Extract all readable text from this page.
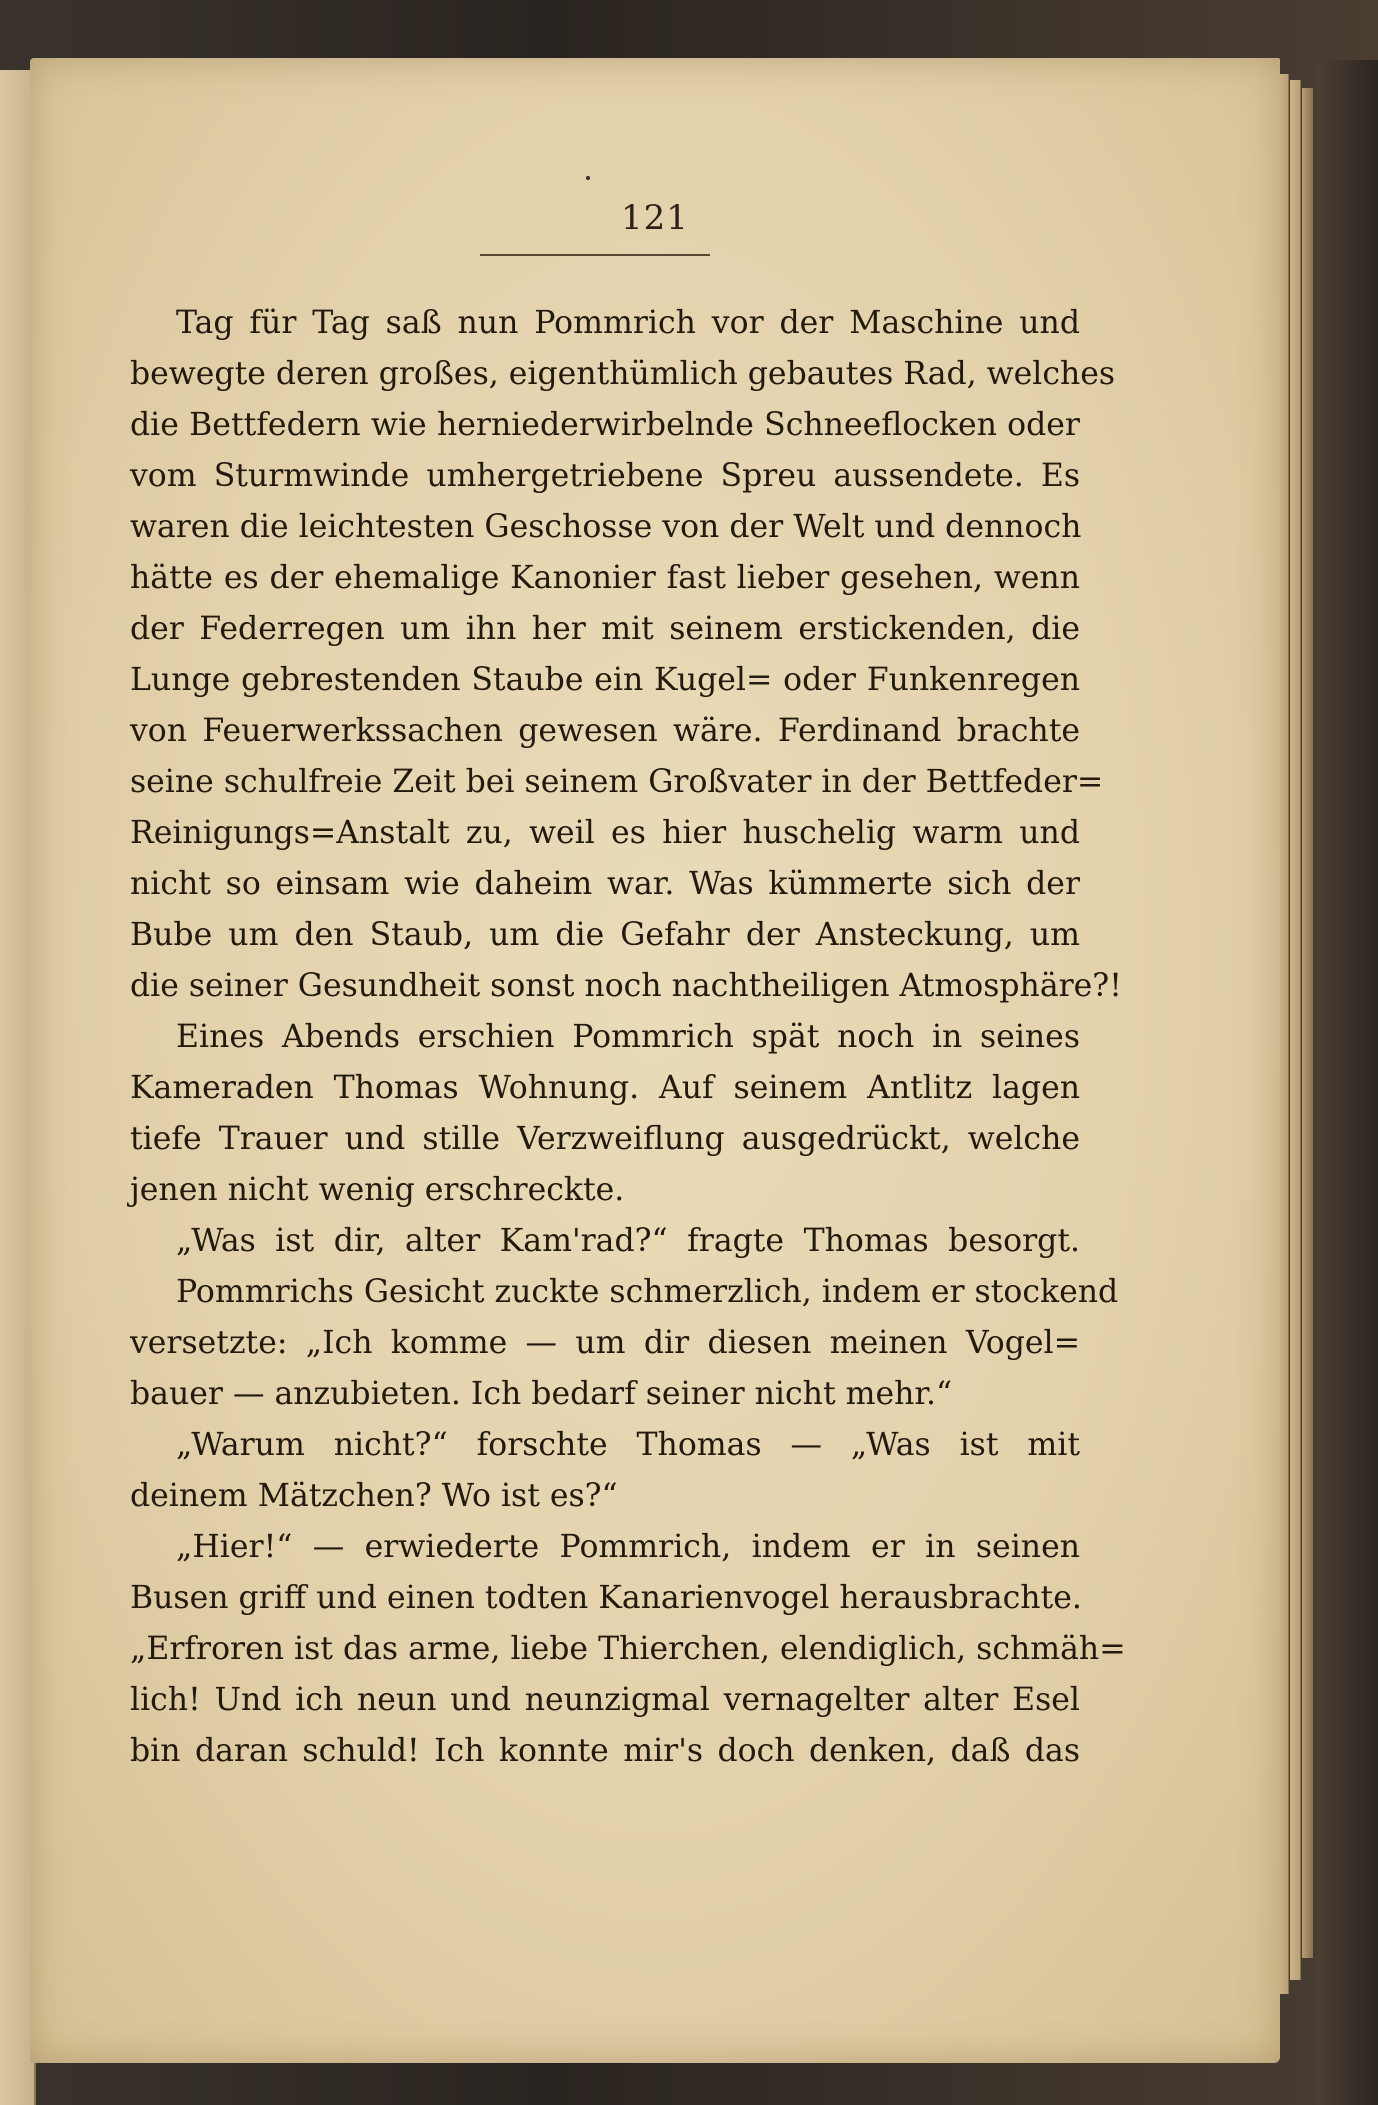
121
Tag für Tag saß nun Pommrich vor der Maschine und
bewegte deren großes, eigenthümlich gebautes Rad, welches
die Bettfedern wie herniederwirbelnde Schneeflocken oder
vom Sturmwinde umhergetriebene Spreu aussendete. Es
waren die leichtesten Geschosse von der Welt und dennoch
hätte es der ehemalige Kanonier fast lieber gesehen, wenn
der Federregen um ihn her mit seinem erstickenden, die
Lunge gebrestenden Staube ein Kugel= oder Funkenregen
von Feuerwerkssachen gewesen wäre. Ferdinand brachte
seine schulfreie Zeit bei seinem Großvater in der Bettfeder=
Reinigungs=Anstalt zu, weil es hier huschelig warm und
nicht so einsam wie daheim war. Was kümmerte sich der
Bube um den Staub, um die Gefahr der Ansteckung, um
die seiner Gesundheit sonst noch nachtheiligen Atmosphäre?!
Eines Abends erschien Pommrich spät noch in seines
Kameraden Thomas Wohnung. Auf seinem Antlitz lagen
tiefe Trauer und stille Verzweiflung ausgedrückt, welche
jenen nicht wenig erschreckte.
„Was ist dir, alter Kam'rad?“ fragte Thomas besorgt.
Pommrichs Gesicht zuckte schmerzlich, indem er stockend
versetzte: „Ich komme — um dir diesen meinen Vogel=
bauer — anzubieten. Ich bedarf seiner nicht mehr.“
„Warum nicht?“ forschte Thomas — „Was ist mit
deinem Mätzchen? Wo ist es?“
„Hier!“ — erwiederte Pommrich, indem er in seinen
Busen griff und einen todten Kanarienvogel herausbrachte.
„Erfroren ist das arme, liebe Thierchen, elendiglich, schmäh=
lich! Und ich neun und neunzigmal vernagelter alter Esel
bin daran schuld! Ich konnte mir's doch denken, daß das
